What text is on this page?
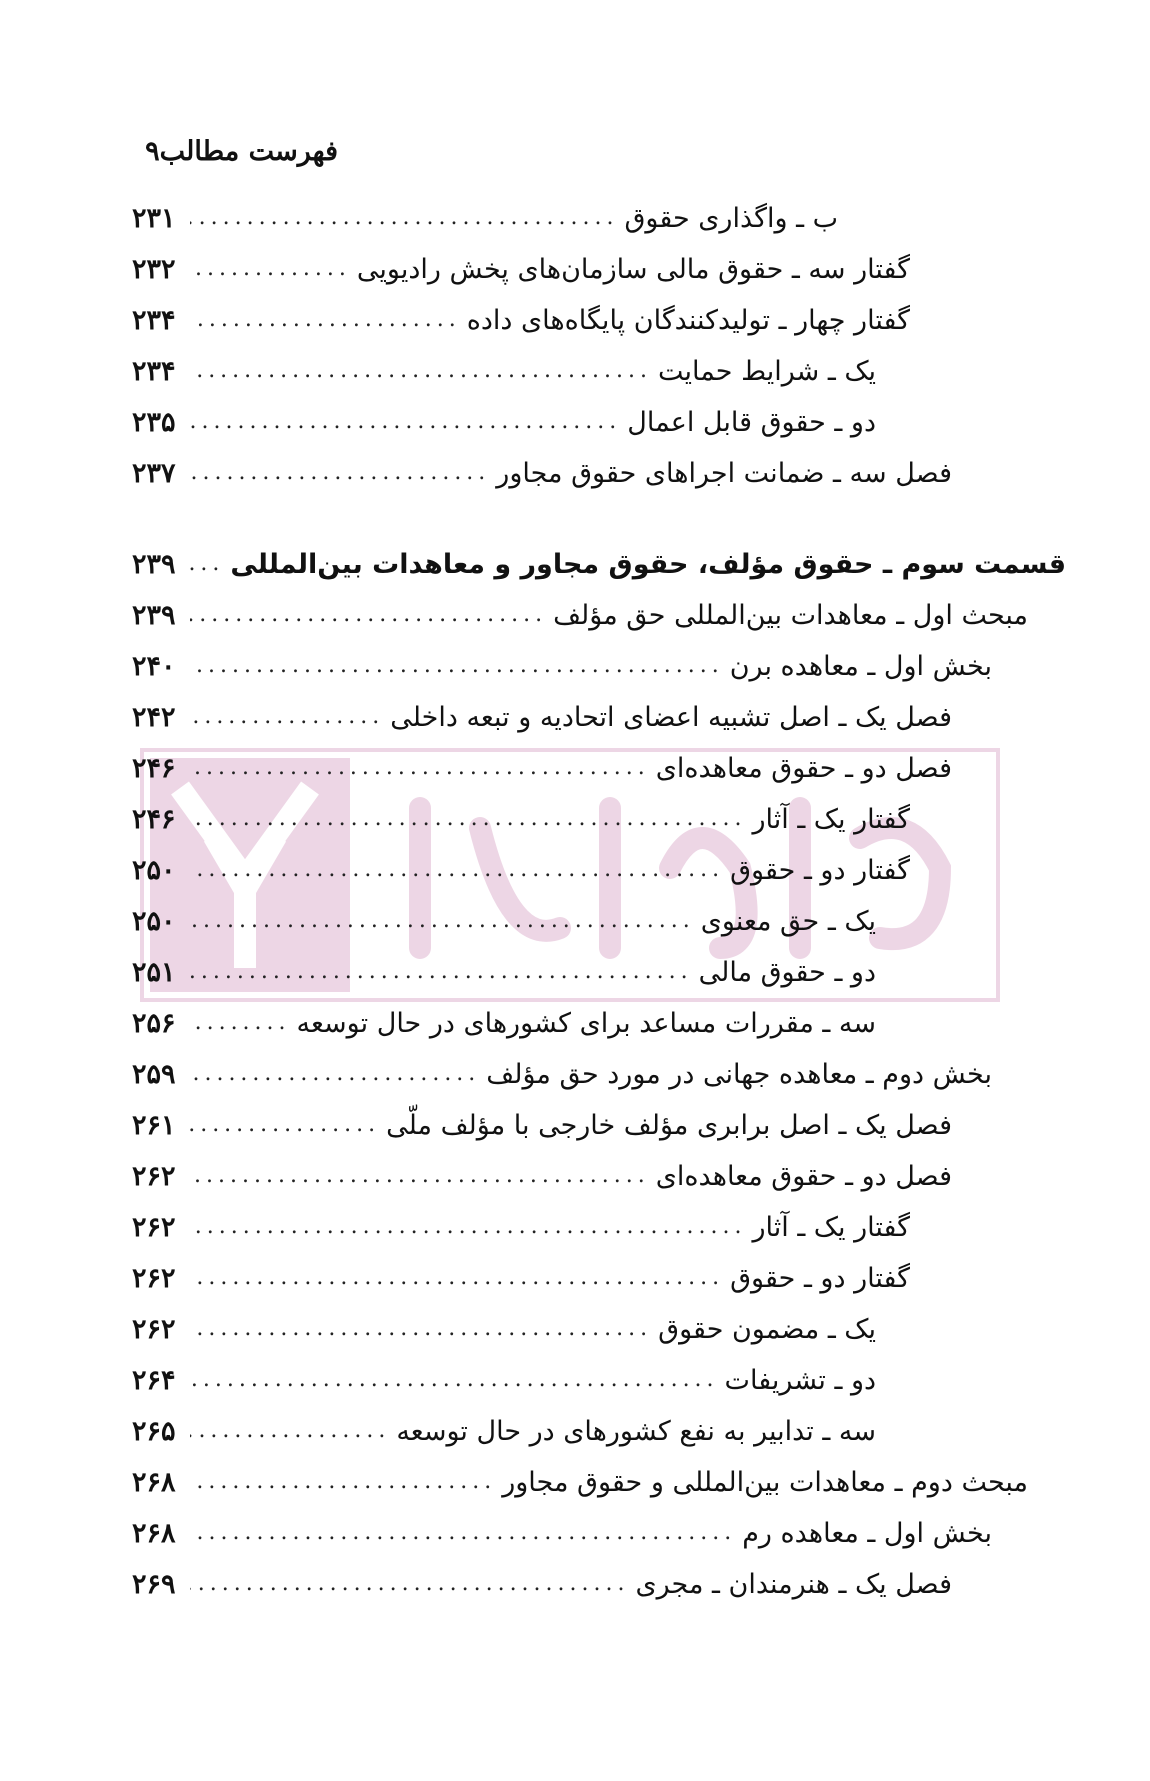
فهرست مطالب۹
۲۳۱ .....	ب ـ واگذاری حقوق
۲۳۲ .....	گفتار سه ـ حقوق مالی سازمان‌های پخش رادیویی
۲۳۴ .....	گفتار چهار ـ تولیدکنندگان پایگاه‌های داده
۲۳۴ .....	یک ـ شرایط حمایت
۲۳۵ .....	دو ـ حقوق قابل اعمال
۲۳۷ .....	فصل سه ـ ضمانت اجراهای حقوق مجاور
۲۳۹ .....	قسمت سوم ـ حقوق مؤلف، حقوق مجاور و معاهدات بین‌المللی
۲۳۹ .....	مبحث اول ـ معاهدات بین‌المللی حق مؤلف
۲۴۰ .....	بخش اول ـ معاهده برن
۲۴۲ .....	فصل یک ـ اصل تشبیه اعضای اتحادیه و تبعه داخلی
۲۴۶ .....	فصل دو ـ حقوق معاهده‌ای
۲۴۶ .....	گفتار یک ـ آثار
۲۵۰ .....	گفتار دو ـ حقوق
۲۵۰ .....	یک ـ حق معنوی
۲۵۱ .....	دو ـ حقوق مالی
۲۵۶ .....	سه ـ مقررات مساعد برای کشورهای در حال توسعه
۲۵۹ .....	بخش دوم ـ معاهده جهانی در مورد حق مؤلف
۲۶۱ .....	فصل یک ـ اصل برابری مؤلف خارجی با مؤلف ملّی
۲۶۲ .....	فصل دو ـ حقوق معاهده‌ای
۲۶۲ .....	گفتار یک ـ آثار
۲۶۲ .....	گفتار دو ـ حقوق
۲۶۲ .....	یک ـ مضمون حقوق
۲۶۴ .....	دو ـ تشریفات
۲۶۵ .....	سه ـ تدابیر به نفع کشورهای در حال توسعه
۲۶۸ .....	مبحث دوم ـ معاهدات بین‌المللی و حقوق مجاور
۲۶۸ .....	بخش اول ـ معاهده رم
۲۶۹ .....	فصل یک ـ هنرمندان ـ مجری
